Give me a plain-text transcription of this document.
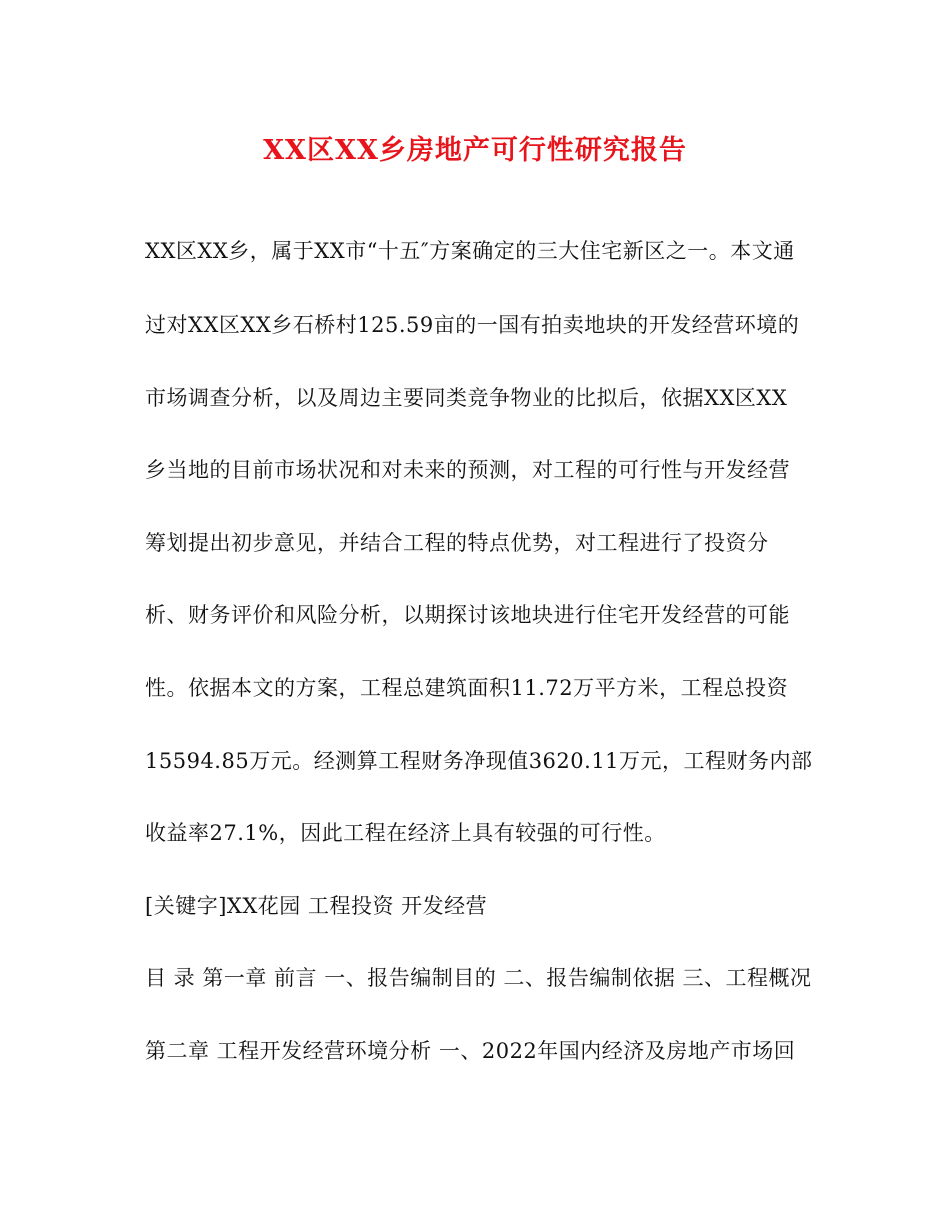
XX区XX乡房地产可行性研究报告
XX区XX乡，属于XX市“十五″方案确定的三大住宅新区之一。本文通
过对XX区XX乡石桥村125.59亩的一国有拍卖地块的开发经营环境的
市场调查分析，以及周边主要同类竞争物业的比拟后，依据XX区XX
乡当地的目前市场状况和对未来的预测，对工程的可行性与开发经营
筹划提出初步意见，并结合工程的特点优势，对工程进行了投资分
析、财务评价和风险分析，以期探讨该地块进行住宅开发经营的可能
性。依据本文的方案，工程总建筑面积11.72万平方米，工程总投资
15594.85万元。经测算工程财务净现值3620.11万元，工程财务内部
收益率27.1%，因此工程在经济上具有较强的可行性。
[关键字]XX花园 工程投资 开发经营
目 录 第一章 前言 一、报告编制目的 二、报告编制依据 三、工程概况
第二章 工程开发经营环境分析 一、2022年国内经济及房地产市场回
